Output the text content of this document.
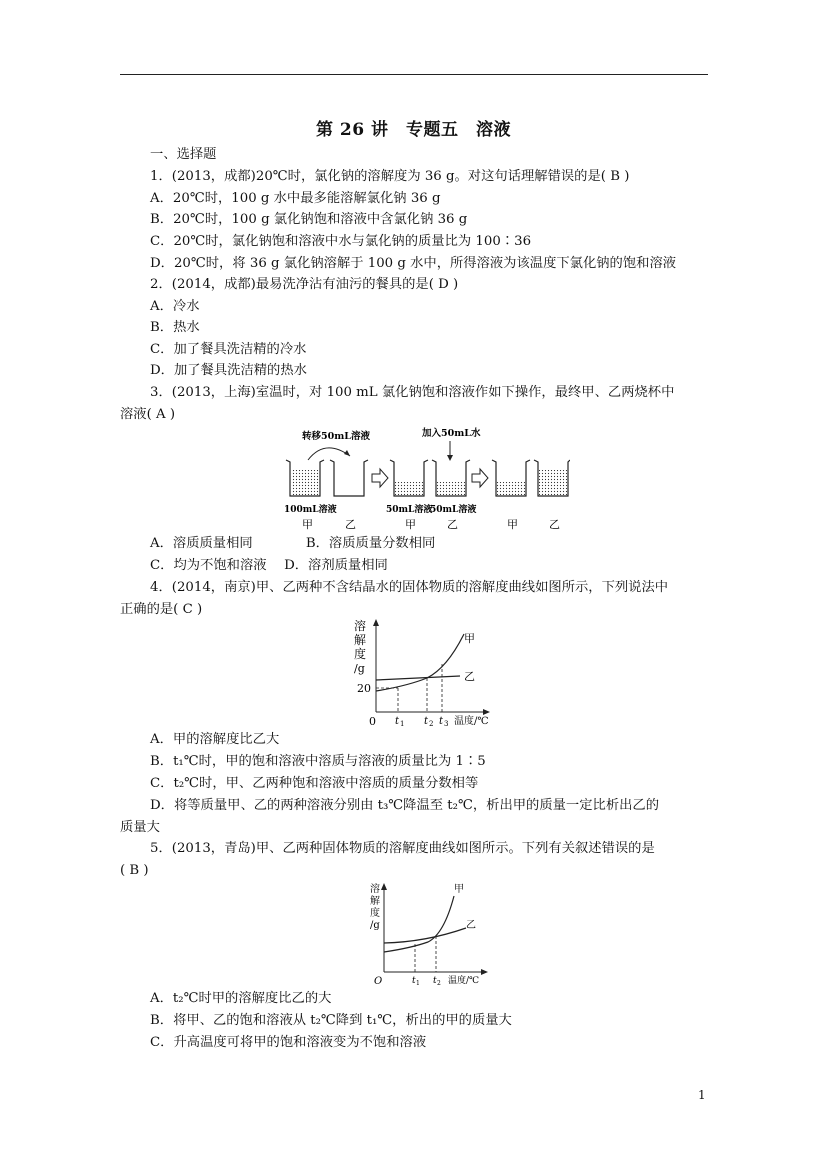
第 26 讲　专题五　溶液
一、选择题
1．(2013，成都)20℃时，氯化钠的溶解度为 36 g。对这句话理解错误的是( B )
A．20℃时，100 g 水中最多能溶解氯化钠 36 g
B．20℃时，100 g 氯化钠饱和溶液中含氯化钠 36 g
C．20℃时，氯化钠饱和溶液中水与氯化钠的质量比为 100∶36
D．20℃时，将 36 g 氯化钠溶解于 100 g 水中，所得溶液为该温度下氯化钠的饱和溶液
2．(2014，成都)最易洗净沾有油污的餐具的是( D )
A．冷水
B．热水
C．加了餐具洗洁精的冷水
D．加了餐具洗洁精的热水
3．(2013，上海)室温时，对 100 mL 氯化钠饱和溶液作如下操作，最终甲、乙两烧杯中
溶液( A )
转移50mL溶液	加入50mL水
100mL溶液	50mL溶液
50mL溶液
甲	乙	甲	乙	甲	乙
A．溶质质量相同　　　　B．溶质质量分数相同
C．均为不饱和溶液　 D．溶剂质量相同
4．(2014，南京)甲、乙两种不含结晶水的固体物质的溶解度曲线如图所示，下列说法中
正确的是( C )
溶
解
度
/g
20
0
甲
乙
t 1 t 2 t 3 温度/℃
A．甲的溶解度比乙大
B．t₁℃时，甲的饱和溶液中溶质与溶液的质量比为 1∶5
C．t₂℃时，甲、乙两种饱和溶液中溶质的质量分数相等
D．将等质量甲、乙的两种溶液分别由 t₃℃降温至 t₂℃，析出甲的质量一定比析出乙的
质量大
5．(2013，青岛)甲、乙两种固体物质的溶解度曲线如图所示。下列有关叙述错误的是
( B )
溶
解
度
/g
O
甲
乙
t 1 t 2 温度/℃
A．t₂℃时甲的溶解度比乙的大
B．将甲、乙的饱和溶液从 t₂℃降到 t₁℃，析出的甲的质量大
C．升高温度可将甲的饱和溶液变为不饱和溶液
1
